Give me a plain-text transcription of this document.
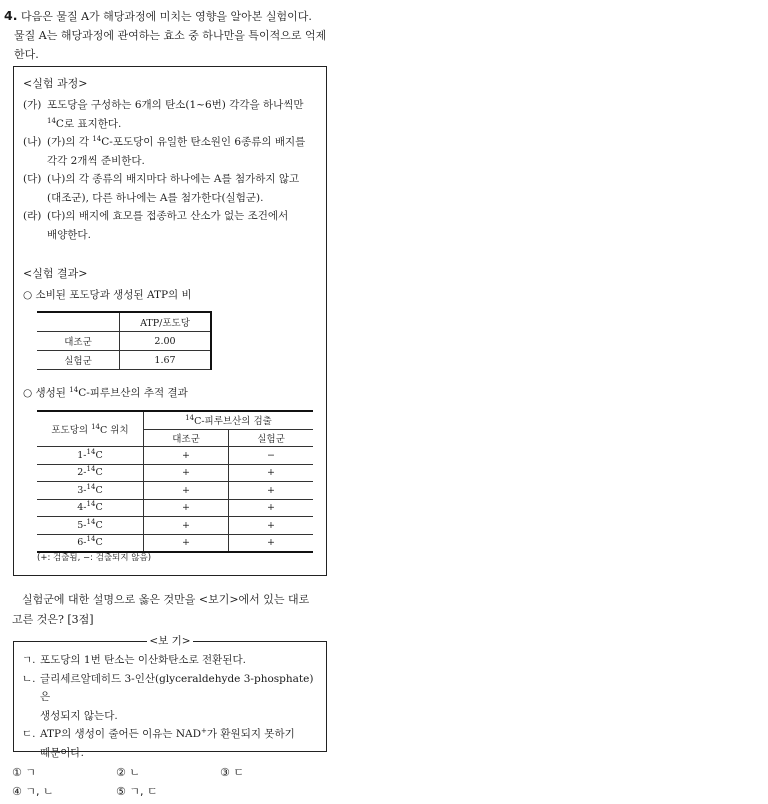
4. 다음은 물질 A가 해당과정에 미치는 영향을 알아본 실험이다.
물질 A는 해당과정에 관여하는 효소 중 하나만을 특이적으로 억제
한다.
<실험 과정>
(가) 포도당을 구성하는 6개의 탄소(1~6번) 각각을 하나씩만
$^{14}$C로 표지한다.
(나) (가)의 각 $^{14}$C-포도당이 유일한 탄소원인 6종류의 배지를
각각 2개씩 준비한다.
(다) (나)의 각 종류의 배지마다 하나에는 A를 첨가하지 않고
(대조군), 다른 하나에는 A를 첨가한다(실험군).
(라) (다)의 배지에 효모를 접종하고 산소가 없는 조건에서
배양한다.
<실험 결과>
○ 소비된 포도당과 생성된 ATP의 비
	ATP/포도당
대조군	2.00
실험군	1.67
○ 생성된 $^{14}$C-피루브산의 추적 결과
포도당의 $^{14}$C 위치	$^{14}$C-피루브산의 검출	
	대조군	실험군
1-$^{14}$C	+	−
2-$^{14}$C	+	+
3-$^{14}$C	+	+
4-$^{14}$C	+	+
5-$^{14}$C	+	+
6-$^{14}$C	+	+
(+: 검출됨, −: 검출되지 않음)
실험군에 대한 설명으로 옳은 것만을 <보기>에서 있는 대로
고른 것은? [3점]
<보 기>
ㄱ. 포도당의 1번 탄소는 이산화탄소로 전환된다.
ㄴ. 글리세르알데히드 3-인산(glyceraldehyde 3-phosphate)은
생성되지 않는다.
ㄷ. ATP의 생성이 줄어든 이유는 NAD+가 환원되지 못하기
때문이다.
① ㄱ	② ㄴ	③ ㄷ
④ ㄱ, ㄴ	⑤ ㄱ, ㄷ
